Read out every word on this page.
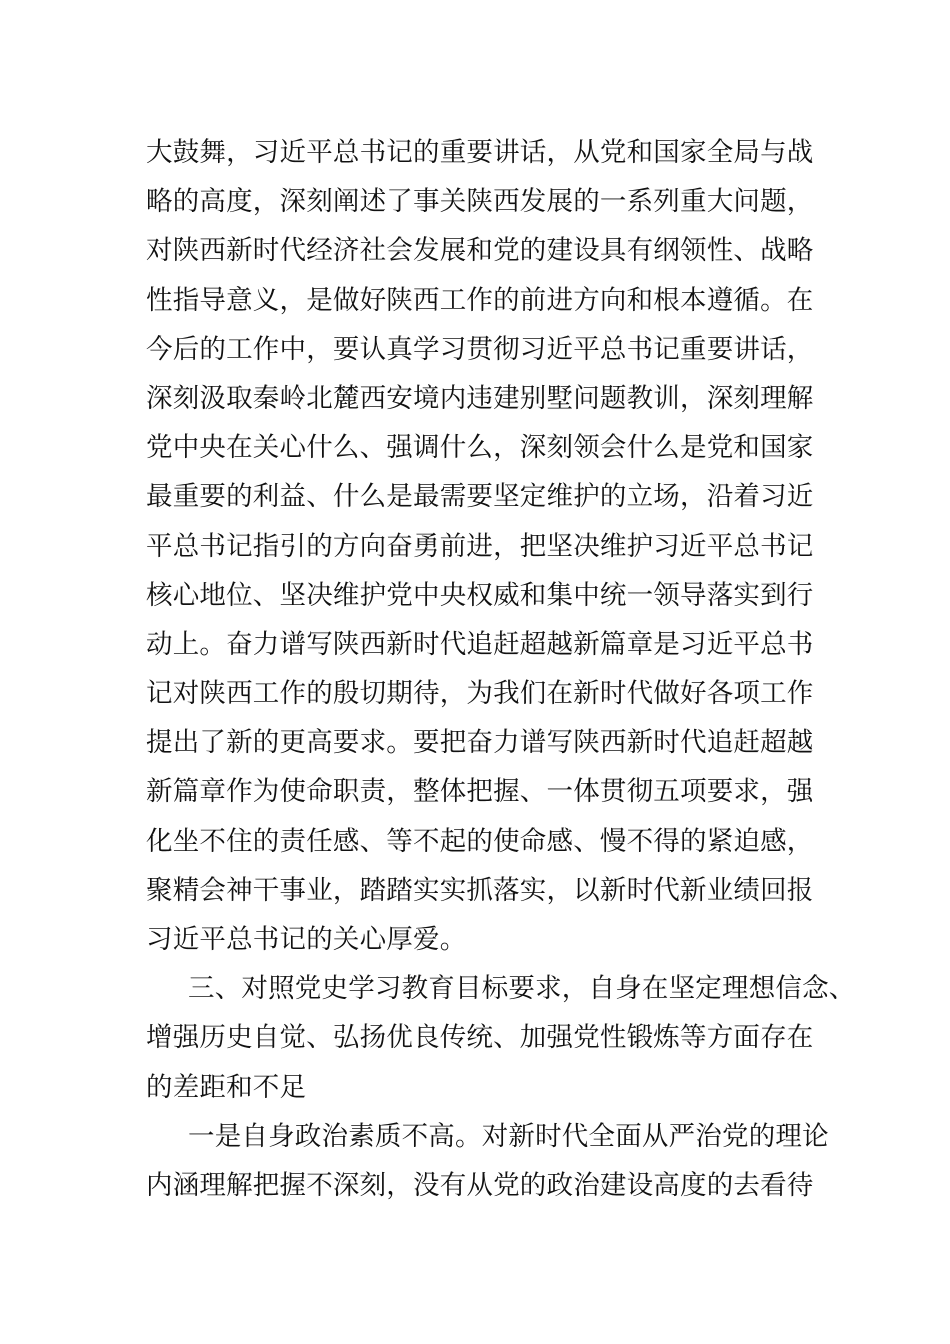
大鼓舞，习近平总书记的重要讲话，从党和国家全局与战
略的高度，深刻阐述了事关陕西发展的一系列重大问题，
对陕西新时代经济社会发展和党的建设具有纲领性、战略
性指导意义，是做好陕西工作的前进方向和根本遵循。在
今后的工作中，要认真学习贯彻习近平总书记重要讲话，
深刻汲取秦岭北麓西安境内违建别墅问题教训，深刻理解
党中央在关心什么、强调什么，深刻领会什么是党和国家
最重要的利益、什么是最需要坚定维护的立场，沿着习近
平总书记指引的方向奋勇前进，把坚决维护习近平总书记
核心地位、坚决维护党中央权威和集中统一领导落实到行
动上。奋力谱写陕西新时代追赶超越新篇章是习近平总书
记对陕西工作的殷切期待，为我们在新时代做好各项工作
提出了新的更高要求。要把奋力谱写陕西新时代追赶超越
新篇章作为使命职责，整体把握、一体贯彻五项要求，强
化坐不住的责任感、等不起的使命感、慢不得的紧迫感，
聚精会神干事业，踏踏实实抓落实，以新时代新业绩回报
习近平总书记的关心厚爱。
三、对照党史学习教育目标要求，自身在坚定理想信念、
增强历史自觉、弘扬优良传统、加强党性锻炼等方面存在
的差距和不足
一是自身政治素质不高。对新时代全面从严治党的理论
内涵理解把握不深刻，没有从党的政治建设高度的去看待
